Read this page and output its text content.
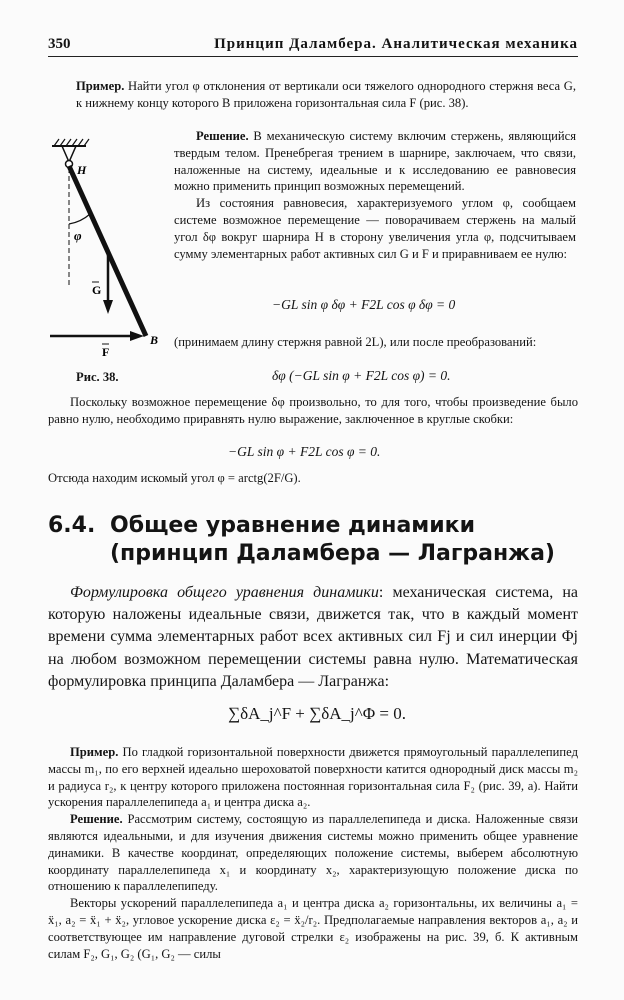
350	Принцип Даламбера. Аналитическая механика

Пример. Найти угол φ отклонения от вертикали оси тяжелого однородного стержня веса G, к нижнему концу которого B приложена горизонтальная сила F (рис. 38).

Решение. В механическую систему включим стержень, являющийся твердым телом. Пренебрегая трением в шарнире, заключаем, что связи, наложенные на систему, идеальные и к исследованию ее равновесия можно применить принцип возможных перемещений.

Из состояния равновесия, характеризуемого углом φ, сообщаем системе возможное перемещение — поворачиваем стержень на малый угол δφ вокруг шарнира H в сторону увеличения угла φ, подсчитываем сумму элементарных работ активных сил G и F и приравниваем ее нулю:

−GL sin φ δφ + F2L cos φ δφ = 0

(принимаем длину стержня равной 2L), или после преобразований:

δφ (−GL sin φ + F2L cos φ) = 0.
H
B
φ
G
F
Рис. 38.

Поскольку возможное перемещение δφ произвольно, то для того, чтобы произведение было равно нулю, необходимо приравнять нулю выражение, заключенное в круглые скобки:

−GL sin φ + F2L cos φ = 0.

Отсюда находим искомый угол φ = arctg(2F/G).

6.4. Общее уравнение динамики
(принцип Даламбера — Лагранжа)

Формулировка общего уравнения динамики: механическая система, на которую наложены идеальные связи, движется так, что в каждый момент времени сумма элементарных работ всех активных сил Fj и сил инерции Φj на любом возможном перемещении системы равна нулю. Математическая формулировка принципа Даламбера — Лагранжа:

∑δA_j^F + ∑δA_j^Φ = 0.

Пример. По гладкой горизонтальной поверхности движется прямоугольный параллелепипед массы m₁, по его верхней идеально шероховатой поверхности катится однородный диск массы m₂ и радиуса r₂, к центру которого приложена постоянная горизонтальная сила F₂ (рис. 39, а). Найти ускорения параллелепипеда a₁ и центра диска a₂.

Решение. Рассмотрим систему, состоящую из параллелепипеда и диска. Наложенные связи являются идеальными, и для изучения движения системы можно применить общее уравнение динамики. В качестве координат, определяющих положение системы, выберем абсолютную координату параллелепипеда x₁ и координату x₂, характеризующую положение диска по отношению к параллелепипеду.

Векторы ускорений параллелепипеда a₁ и центра диска a₂ горизонтальны, их величины a₁ = ẍ₁, a₂ = ẍ₁ + ẍ₂, угловое ускорение диска ε₂ = ẍ₂/r₂. Предполагаемые направления векторов a₁, a₂ и соответствующее им направление дуговой стрелки ε₂ изображены на рис. 39, б. К активным силам F₂, G₁, G₂ (G₁, G₂ — силы
